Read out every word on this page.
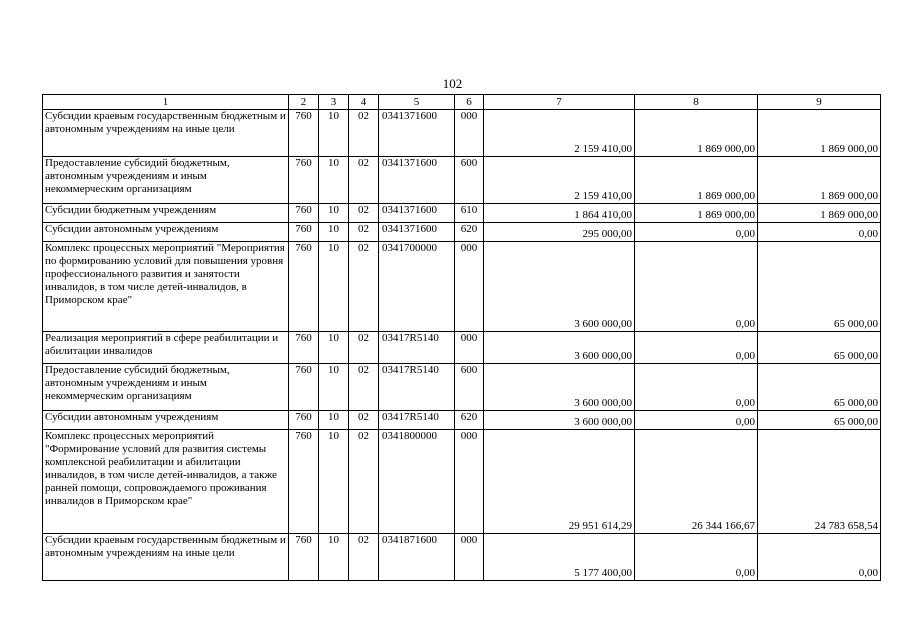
102
1	2	3	4	5	6	7	8	9
Субсидии краевым государственным бюджетным и автономным учреждениям на иные цели	760	10	02	0341371600	000	2 159 410,00	1 869 000,00	1 869 000,00
Предоставление субсидий бюджетным, автономным учреждениям и иным некоммерческим организациям	760	10	02	0341371600	600	2 159 410,00	1 869 000,00	1 869 000,00
Субсидии бюджетным учреждениям	760	10	02	0341371600	610	1 864 410,00	1 869 000,00	1 869 000,00
Субсидии автономным учреждениям	760	10	02	0341371600	620	295 000,00	0,00	0,00
Комплекс процессных мероприятий "Мероприятия по формированию условий для повышения уровня профессионального развития и занятости инвалидов, в том числе детей-инвалидов, в Приморском крае"	760	10	02	0341700000	000	3 600 000,00	0,00	65 000,00
Реализация мероприятий в сфере реабилитации и абилитации инвалидов	760	10	02	03417R5140	000	3 600 000,00	0,00	65 000,00
Предоставление субсидий бюджетным, автономным учреждениям и иным некоммерческим организациям	760	10	02	03417R5140	600	3 600 000,00	0,00	65 000,00
Субсидии автономным учреждениям	760	10	02	03417R5140	620	3 600 000,00	0,00	65 000,00
Комплекс процессных мероприятий "Формирование условий для развития системы комплексной реабилитации и абилитации инвалидов, в том числе детей-инвалидов, а также ранней помощи, сопровождаемого проживания инвалидов в Приморском крае"	760	10	02	0341800000	000	29 951 614,29	26 344 166,67	24 783 658,54
Субсидии краевым государственным бюджетным и автономным учреждениям на иные цели	760	10	02	0341871600	000	5 177 400,00	0,00	0,00
